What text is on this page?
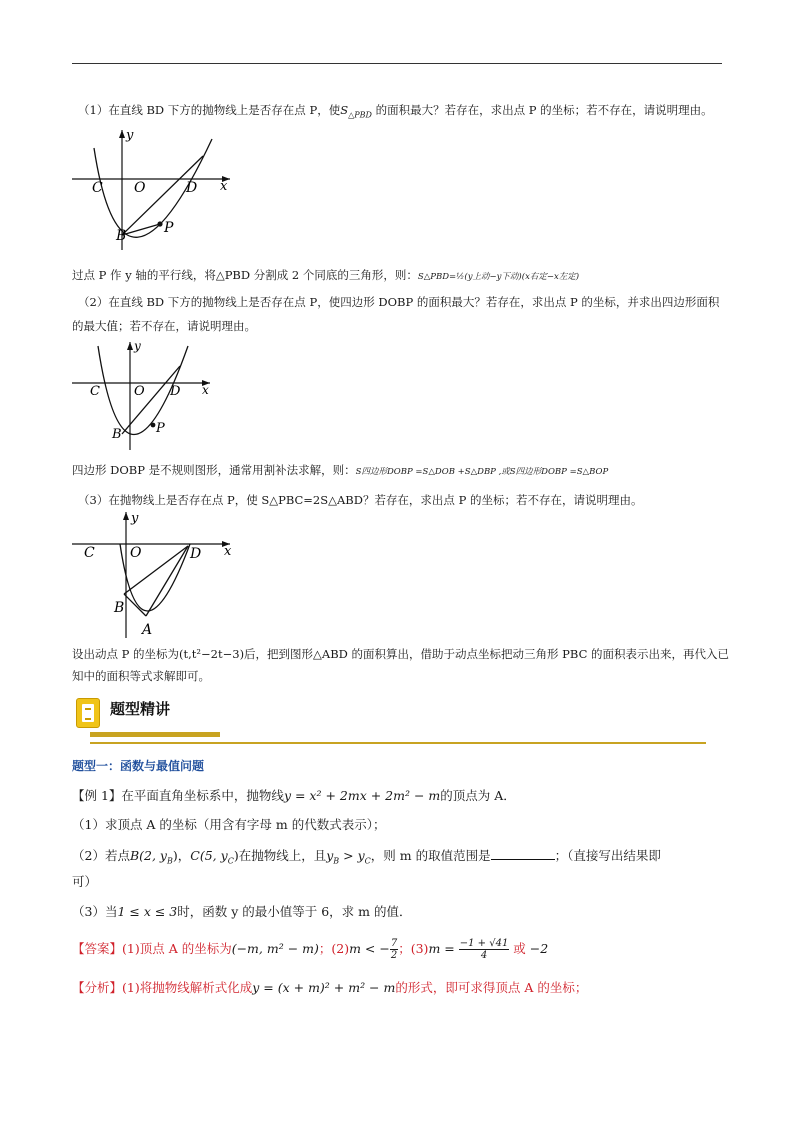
（1）在直线 BD 下方的抛物线上是否存在点 P，使$S_{\triangle PBD}$ 的面积最大？若存在，求出点 P 的坐标；若不存在，请说明理由。
y
C O	D x
B	P
过点 P 作 y 轴的平行线，将△PBD 分割成 2 个同底的三角形，则：S△PBD=½(y上动−y下动)(x右定−x左定)
（2）在直线 BD 下方的抛物线上是否存在点 P，使四边形 DOBP 的面积最大？若存在，求出点 P 的坐标，并求出四边形面积
的最大值；若不存在，请说明理由。
y
C	O D x
B	P
四边形 DOBP 是不规则图形，通常用割补法求解，则：S四边形DOBP =S△DOB +S△DBP ,或S四边形DOBP =S△BOP
（3）在抛物线上是否存在点 P，使 S△PBC=2S△ABD？若存在，求出点 P 的坐标；若不存在，请说明理由。
y
C	O	D x
B
A
设出动点 P 的坐标为(t,t²−2t−3)后，把到图形△ABD 的面积算出，借助于动点坐标把动三角形 PBC 的面积表示出来，再代入已
知中的面积等式求解即可。
题型精讲
题型一：函数与最值问题
【例 1】在平面直角坐标系中，抛物线y = x² + 2mx + 2m² − m的顶点为 A．
（1）求顶点 A 的坐标（用含有字母 m 的代数式表示）；
（2）若点B(2, $y_B$)，C(5, $y_C$)在抛物线上，且$y_B > y_C$，则 m 的取值范围是	；（直接写出结果即
可）
（3）当1 ≤ x ≤ 3时，函数 y 的最小值等于 6，求 m 的值．
【答案】(1)顶点 A 的坐标为(−m, m² − m)；(2)m < − $\frac{7}{2}$ ；$(3)m = \frac{-1 + √41}{4}$ 或 −2
【分析】(1)将抛物线解析式化成y = (x + m)² + m² − m的形式，即可求得顶点 A 的坐标；
